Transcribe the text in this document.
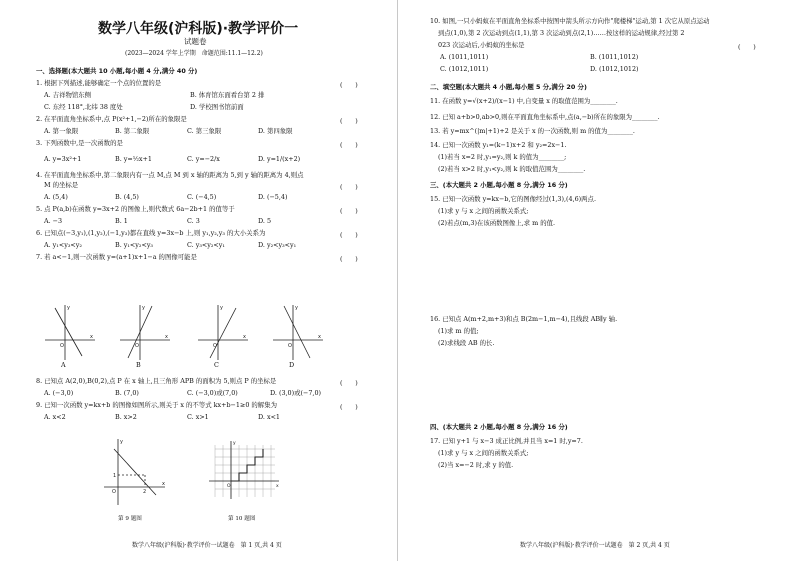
数学八年级(沪科版)·教学评价一
试题卷
(2023—2024 学年上学期　命题范围:11.1—12.2)
一、选择题(本大题共 10 小题,每小题 4 分,满分 40 分)
1. 根据下列描述,能够确定一个点的位置的是	(　　)
A. 吉祥物馆东侧	B. 体育馆东面看台第 2 排
C. 东经 118°,北纬 38 度处	D. 学校图书馆前面
2. 在平面直角坐标系中,点 P(x²+1,−2)所在的象限是	(　　)
A. 第一象限	B. 第二象限	C. 第三象限	D. 第四象限
3. 下列函数中,是一次函数的是	(　　)
A. y=3x²+1	B. y=½x+1	C. y=−2/x	D. y=1/(x+2)
4. 在平面直角坐标系中,第二象限内有一点 M,点 M 到 x 轴的距离为 5,到 y 轴的距离为 4,则点
M 的坐标是	(　　)
A. (5,4)	B. (4,5)	C. (−4,5)	D. (−5,4)
5. 点 P(a,b)在函数 y=3x+2 的图像上,则代数式 6a−2b+1 的值等于	(　　)
A. −3	B. 1	C. 3	D. 5
6. 已知点(−3,y₁),(1,y₂),(−1,y₃)都在直线 y=3x−b 上,则 y₁,y₂,y₃ 的大小关系为	(　　)
A. y₁<y₃<y₂	B. y₁<y₂<y₃	C. y₃<y₂<y₁	D. y₂<y₃<y₁
7. 若 a<−1,则一次函数 y=(a+1)x+1−a 的图像可能是	(　　)
x
y
O
x
y
O
x
y
O
x
y
O
A	B	C	D
8. 已知点 A(2,0),B(0,2),点 P 在 x 轴上,且三角形 APB 的面积为 5,则点 P 的坐标是	(　　)
A. (−3,0)	B. (7,0)	C. (−3,0)或(7,0)	D. (3,0)或(−7,0)
9. 已知一次函数 y=kx+b 的图像如图所示,则关于 x 的不等式 kx+b−1≥0 的解集为	(　　)
A. x<2	B. x>2	C. x>1	D. x<1
x
y
O
1
2
x
y
O
第 9 题图	第 10 题图
数学八年级(沪科版)·教学评价一试题卷　第 1 页,共 4 页
10. 如图,一只小蚂蚁在平面直角坐标系中按图中箭头所示方向作"爬楼梯"运动,第 1 次它从原点运动
到点(1,0),第 2 次运动到点(1,1),第 3 次运动到点(2,1)……按这样的运动规律,经过第 2
023 次运动后,小蚂蚁的坐标是	(　　)
A. (1011,1011)	B. (1011,1012)
C. (1012,1011)	D. (1012,1012)
二、填空题(本大题共 4 小题,每小题 5 分,满分 20 分)
11. 在函数 y=√(x+2)/(x−1) 中,自变量 x 的取值范围为________.
12. 已知 a+b>0,ab>0,则在平面直角坐标系中,点(a,−b)所在的象限为________.
13. 若 y=mx^(|m|+1)+2 是关于 x 的一次函数,则 m 的值为________.
14. 已知一次函数 y₁=(k−1)x+2 和 y₂=2x−1.
(1)若当 x=2 时,y₁=y₂,则 k 的值为________;
(2)若当 x>2 时,y₁<y₂,则 k 的取值范围为________.
三、(本大题共 2 小题,每小题 8 分,满分 16 分)
15. 已知一次函数 y=kx−b,它的图像经过(1,3),(4,6)两点.
(1)求 y 与 x 之间的函数关系式;
(2)若点(m,3)在该函数图像上,求 m 的值.
16. 已知点 A(m+2,m+3)和点 B(2m−1,m−4),且线段 AB∥y 轴.
(1)求 m 的值;
(2)求线段 AB 的长.
四、(本大题共 2 小题,每小题 8 分,满分 16 分)
17. 已知 y+1 与 x−3 成正比例,并且当 x=1 时,y=7.
(1)求 y 与 x 之间的函数关系式;
(2)当 x=−2 时,求 y 的值.
数学八年级(沪科版)·教学评价一试题卷　第 2 页,共 4 页
